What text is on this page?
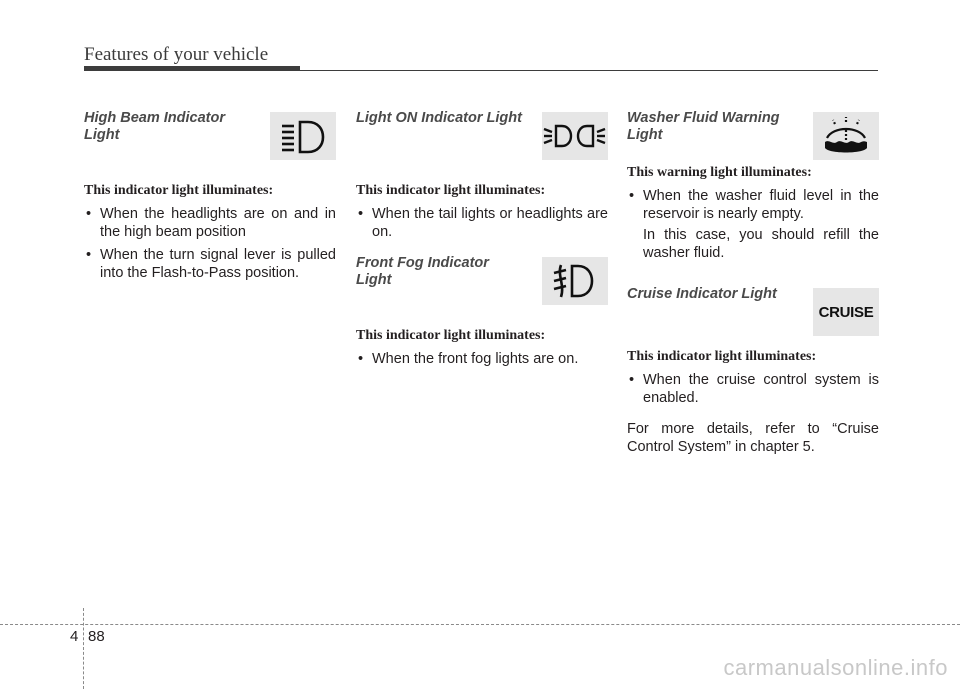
Features of your vehicle

High Beam Indicator Light

This indicator light illuminates:

• When the headlights are on and in the high beam position
• When the turn signal lever is pulled into the Flash-to-Pass position.

Light ON Indicator Light

This indicator light illuminates:

• When the tail lights or headlights are on.

Front Fog Indicator Light

This indicator light illuminates:

• When the front fog lights are on.

Washer Fluid Warning Light

This warning light illuminates:

• When the washer fluid level in the reservoir is nearly empty.

In this case, you should refill the washer fluid.

Cruise Indicator Light

CRUISE

This indicator light illuminates:

• When the cruise control system is enabled.

For more details, refer to “Cruise Control System” in chapter 5.

4 88
carmanualsonline.info
